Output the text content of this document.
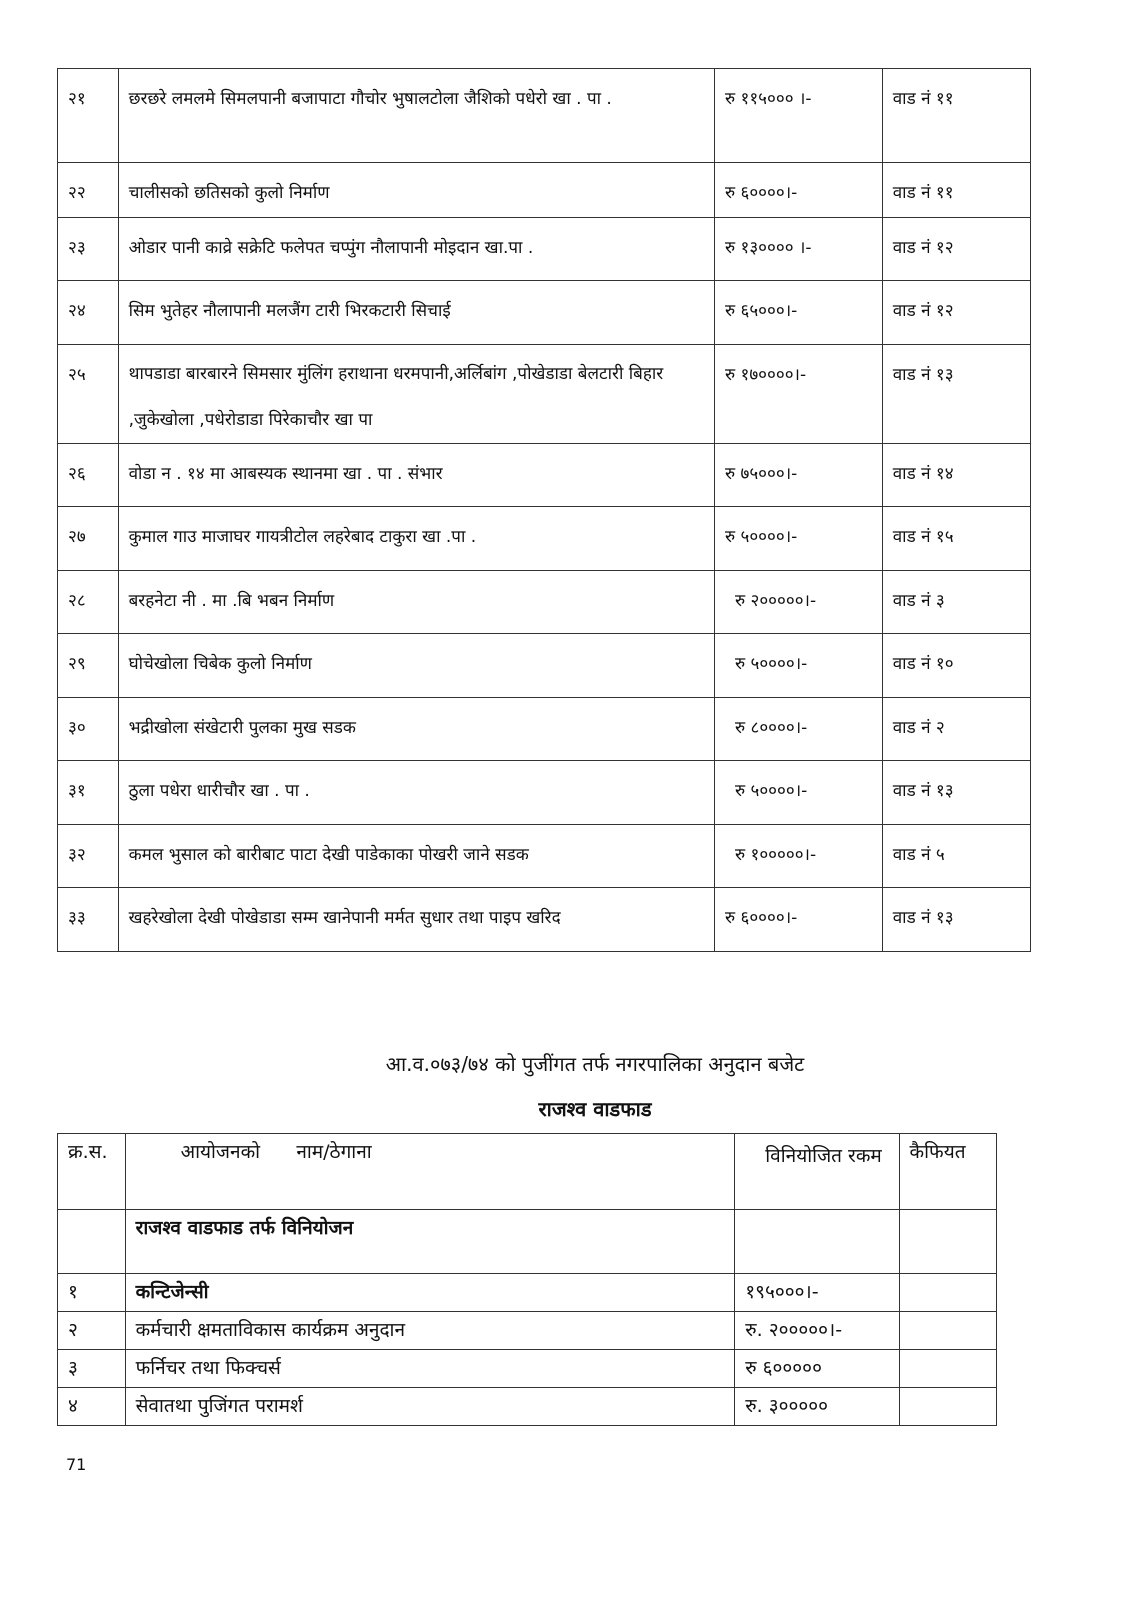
२१	छरछरे लमलमे सिमलपानी बजापाटा गौचोर भुषालटोला जैशिको पधेरो खा . पा .	रु ११५००० ।-	वाड नं ११
२२	चालीसको छतिसको कुलो निर्माण	रु ६००००।-	वाड नं ११
२३	ओडार पानी काव्रे सक्रेटि फलेपत चप्पुंग नौलापानी मोइदान खा.पा .	रु १३०००० ।-	वाड नं १२
२४	सिम भुतेहर नौलापानी मलजैंग टारी भिरकटारी सिचाई	रु ६५०००।-	वाड नं १२
२५	थापडाडा बारबारने सिमसार मुंलिंग हराथाना धरमपानी,अर्लिबांग ,पोखेडाडा बेलटारी बिहार ,जुकेखोला ,पधेरोडाडा पिरेकाचौर खा पा	रु १७००००।-	वाड नं १३
२६	वोडा न . १४ मा आबस्यक स्थानमा खा . पा . संभार	रु ७५०००।-	वाड नं १४
२७	कुमाल गाउ माजाघर गायत्रीटोल लहरेबाद टाकुरा खा .पा .	रु ५००००।-	वाड नं १५
२८	बरहनेटा नी . मा .बि भबन निर्माण	रु २०००००।-	वाड नं ३
२९	घोचेखोला चिबेक कुलो निर्माण	रु ५००००।-	वाड नं १०
३०	भद्रीखोला संखेटारी पुलका मुख सडक	रु ८००००।-	वाड नं २
३१	ठुला पधेरा धारीचौर खा . पा .	रु ५००००।-	वाड नं १३
३२	कमल भुसाल को बारीबाट पाटा देखी पाडेकाका पोखरी जाने सडक	रु १०००००।-	वाड नं ५
३३	खहरेखोला देखी पोखेडाडा सम्म खानेपानी मर्मत सुधार तथा पाइप खरिद	रु ६००००।-	वाड नं १३
आ.व.०७३/७४ को पुजींगत तर्फ नगरपालिका अनुदान बजेट
राजश्व वाडफाड
क्र.स.	आयोजनको      नाम/ठेगाना	विनियोजित रकम	कैफियत
	राजश्व वाडफाड तर्फ विनियोजन		
१	कन्टिजेन्सी	१९५०००।-	
२	कर्मचारी क्षमताविकास कार्यक्रम अनुदान	रु. २०००००।-	
३	फर्निचर तथा फिक्चर्स	रु ६०००००	
४	सेवातथा पुजिंगत परामर्श	रु. ३०००००	
71
